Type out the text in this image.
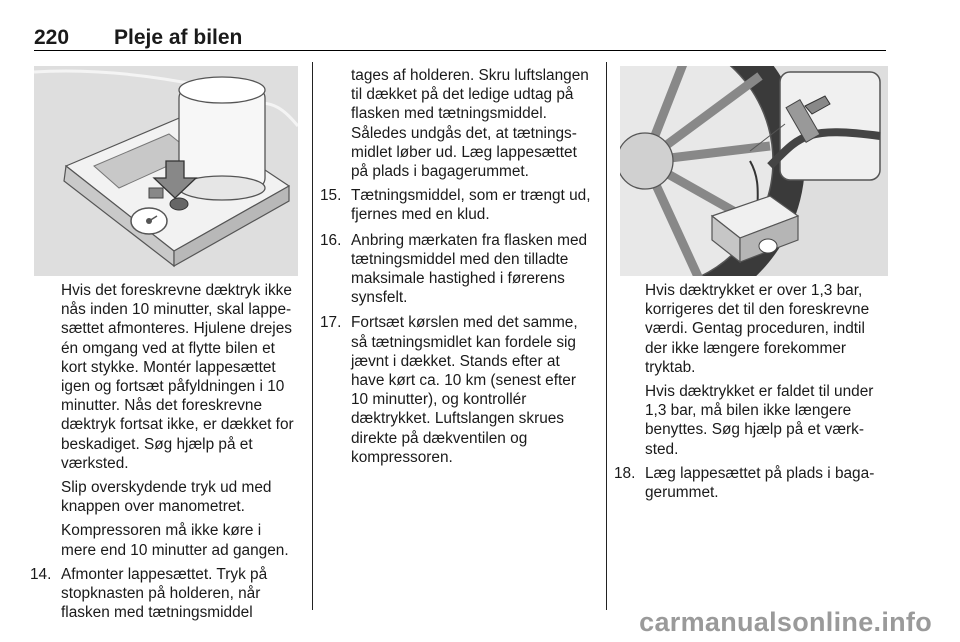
220 Pleje af bilen

Hvis det foreskrevne dæktryk ikke nås inden 10 minutter, skal lappesættet afmonteres. Hjulene drejes én omgang ved at flytte bilen et kort stykke. Montér lappesættet igen og fortsæt påfyldningen i 10 minutter. Nås det foreskrevne dæktryk fortsat ikke, er dækket for beskadiget. Søg hjælp på et værksted.

Slip overskydende tryk ud med knappen over manometret.

Kompressoren må ikke køre i mere end 10 minutter ad gangen.

14. Afmonter lappesættet. Tryk på stopknasten på holderen, når flasken med tætningsmiddel

tages af holderen. Skru luftslangen til dækket på det ledige udtag på flasken med tætningsmiddel. Således undgås det, at tætningsmidlet løber ud. Læg lappesættet på plads i bagagerummet.

15. Tætningsmiddel, som er trængt ud, fjernes med en klud.
16. Anbring mærkaten fra flasken med tætningsmiddel med den tilladte maksimale hastighed i førerens synsfelt.
17. Fortsæt kørslen med det samme, så tætningsmidlet kan fordele sig jævnt i dækket. Stands efter at have kørt ca. 10 km (senest efter 10 minutter), og kontrollér dæktrykket. Luftslangen skrues direkte på dækventilen og kompressoren.

Hvis dæktrykket er over 1,3 bar, korrigeres det til den foreskrevne værdi. Gentag proceduren, indtil der ikke længere forekommer tryktab.

Hvis dæktrykket er faldet til under 1,3 bar, må bilen ikke længere benyttes. Søg hjælp på et værksted.

18. Læg lappesættet på plads i bagagerummet.
carmanualsonline.info
